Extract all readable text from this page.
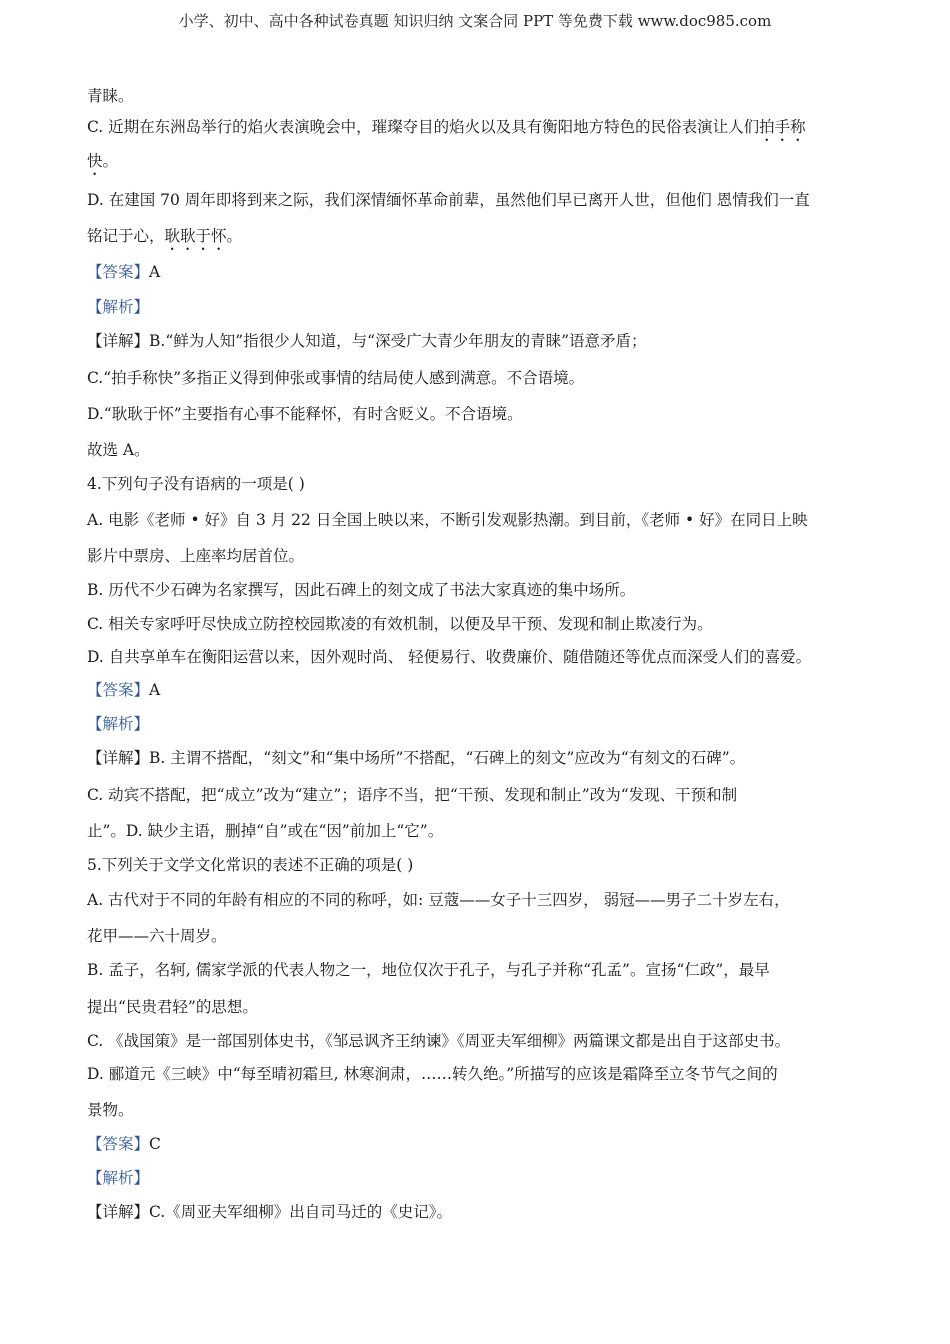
小学、初中、高中各种试卷真题 知识归纳 文案合同 PPT 等免费下载 www.doc985.com
青睐。
C. 近期在东洲岛举行的焰火表演晚会中，璀璨夺目的焰火以及具有衡阳地方特色的民俗表演让人们拍手称
快。
D. 在建国 70 周年即将到来之际，我们深情缅怀革命前辈，虽然他们早已离开人世，但他们 恩情我们一直
铭记于心，耿耿于怀。
【答案】A
【解析】
【详解】B.“鲜为人知”指很少人知道，与“深受广大青少年朋友的青睐”语意矛盾；
C.“拍手称快”多指正义得到伸张或事情的结局使人感到满意。不合语境。
D.“耿耿于怀”主要指有心事不能释怀，有时含贬义。不合语境。
故选 A。
4.下列句子没有语病的一项是( )
A. 电影《老师 • 好》自 3 月 22 日全国上映以来，不断引发观影热潮。到目前，《老师 • 好》在同日上映
影片中票房、上座率均居首位。
B. 历代不少石碑为名家撰写，因此石碑上的刻文成了书法大家真迹的集中场所。
C. 相关专家呼吁尽快成立防控校园欺凌的有效机制，以便及早干预、发现和制止欺凌行为。
D. 自共享单车在衡阳运营以来，因外观时尚、 轻便易行、收费廉价、随借随还等优点而深受人们的喜爱。
【答案】A
【解析】
【详解】B. 主谓不搭配，“刻文”和“集中场所”不搭配，“石碑上的刻文”应改为“有刻文的石碑”。
C. 动宾不搭配，把“成立”改为“建立”；语序不当，把“干预、发现和制止”改为“发现、干预和制
止”。D. 缺少主语，删掉“自”或在“因”前加上“它”。
5.下列关于文学文化常识的表述不正确的项是( )
A. 古代对于不同的年龄有相应的不同的称呼，如: 豆蔻——女子十三四岁， 弱冠——男子二十岁左右，
花甲——六十周岁。
B. 孟子，名轲, 儒家学派的代表人物之一，地位仅次于孔子，与孔子并称“孔孟”。宣扬“仁政”，最早
提出“民贵君轻”的思想。
C. 《战国策》是一部国别体史书，《邹忌讽齐王纳谏》《周亚夫军细柳》两篇课文都是出自于这部史书。
D. 郦道元《三峡》中“每至晴初霜旦, 林寒涧肃，……转久绝。”所描写的应该是霜降至立冬节气之间的
景物。
【答案】C
【解析】
【详解】C.《周亚夫军细柳》出自司马迁的《史记》。
